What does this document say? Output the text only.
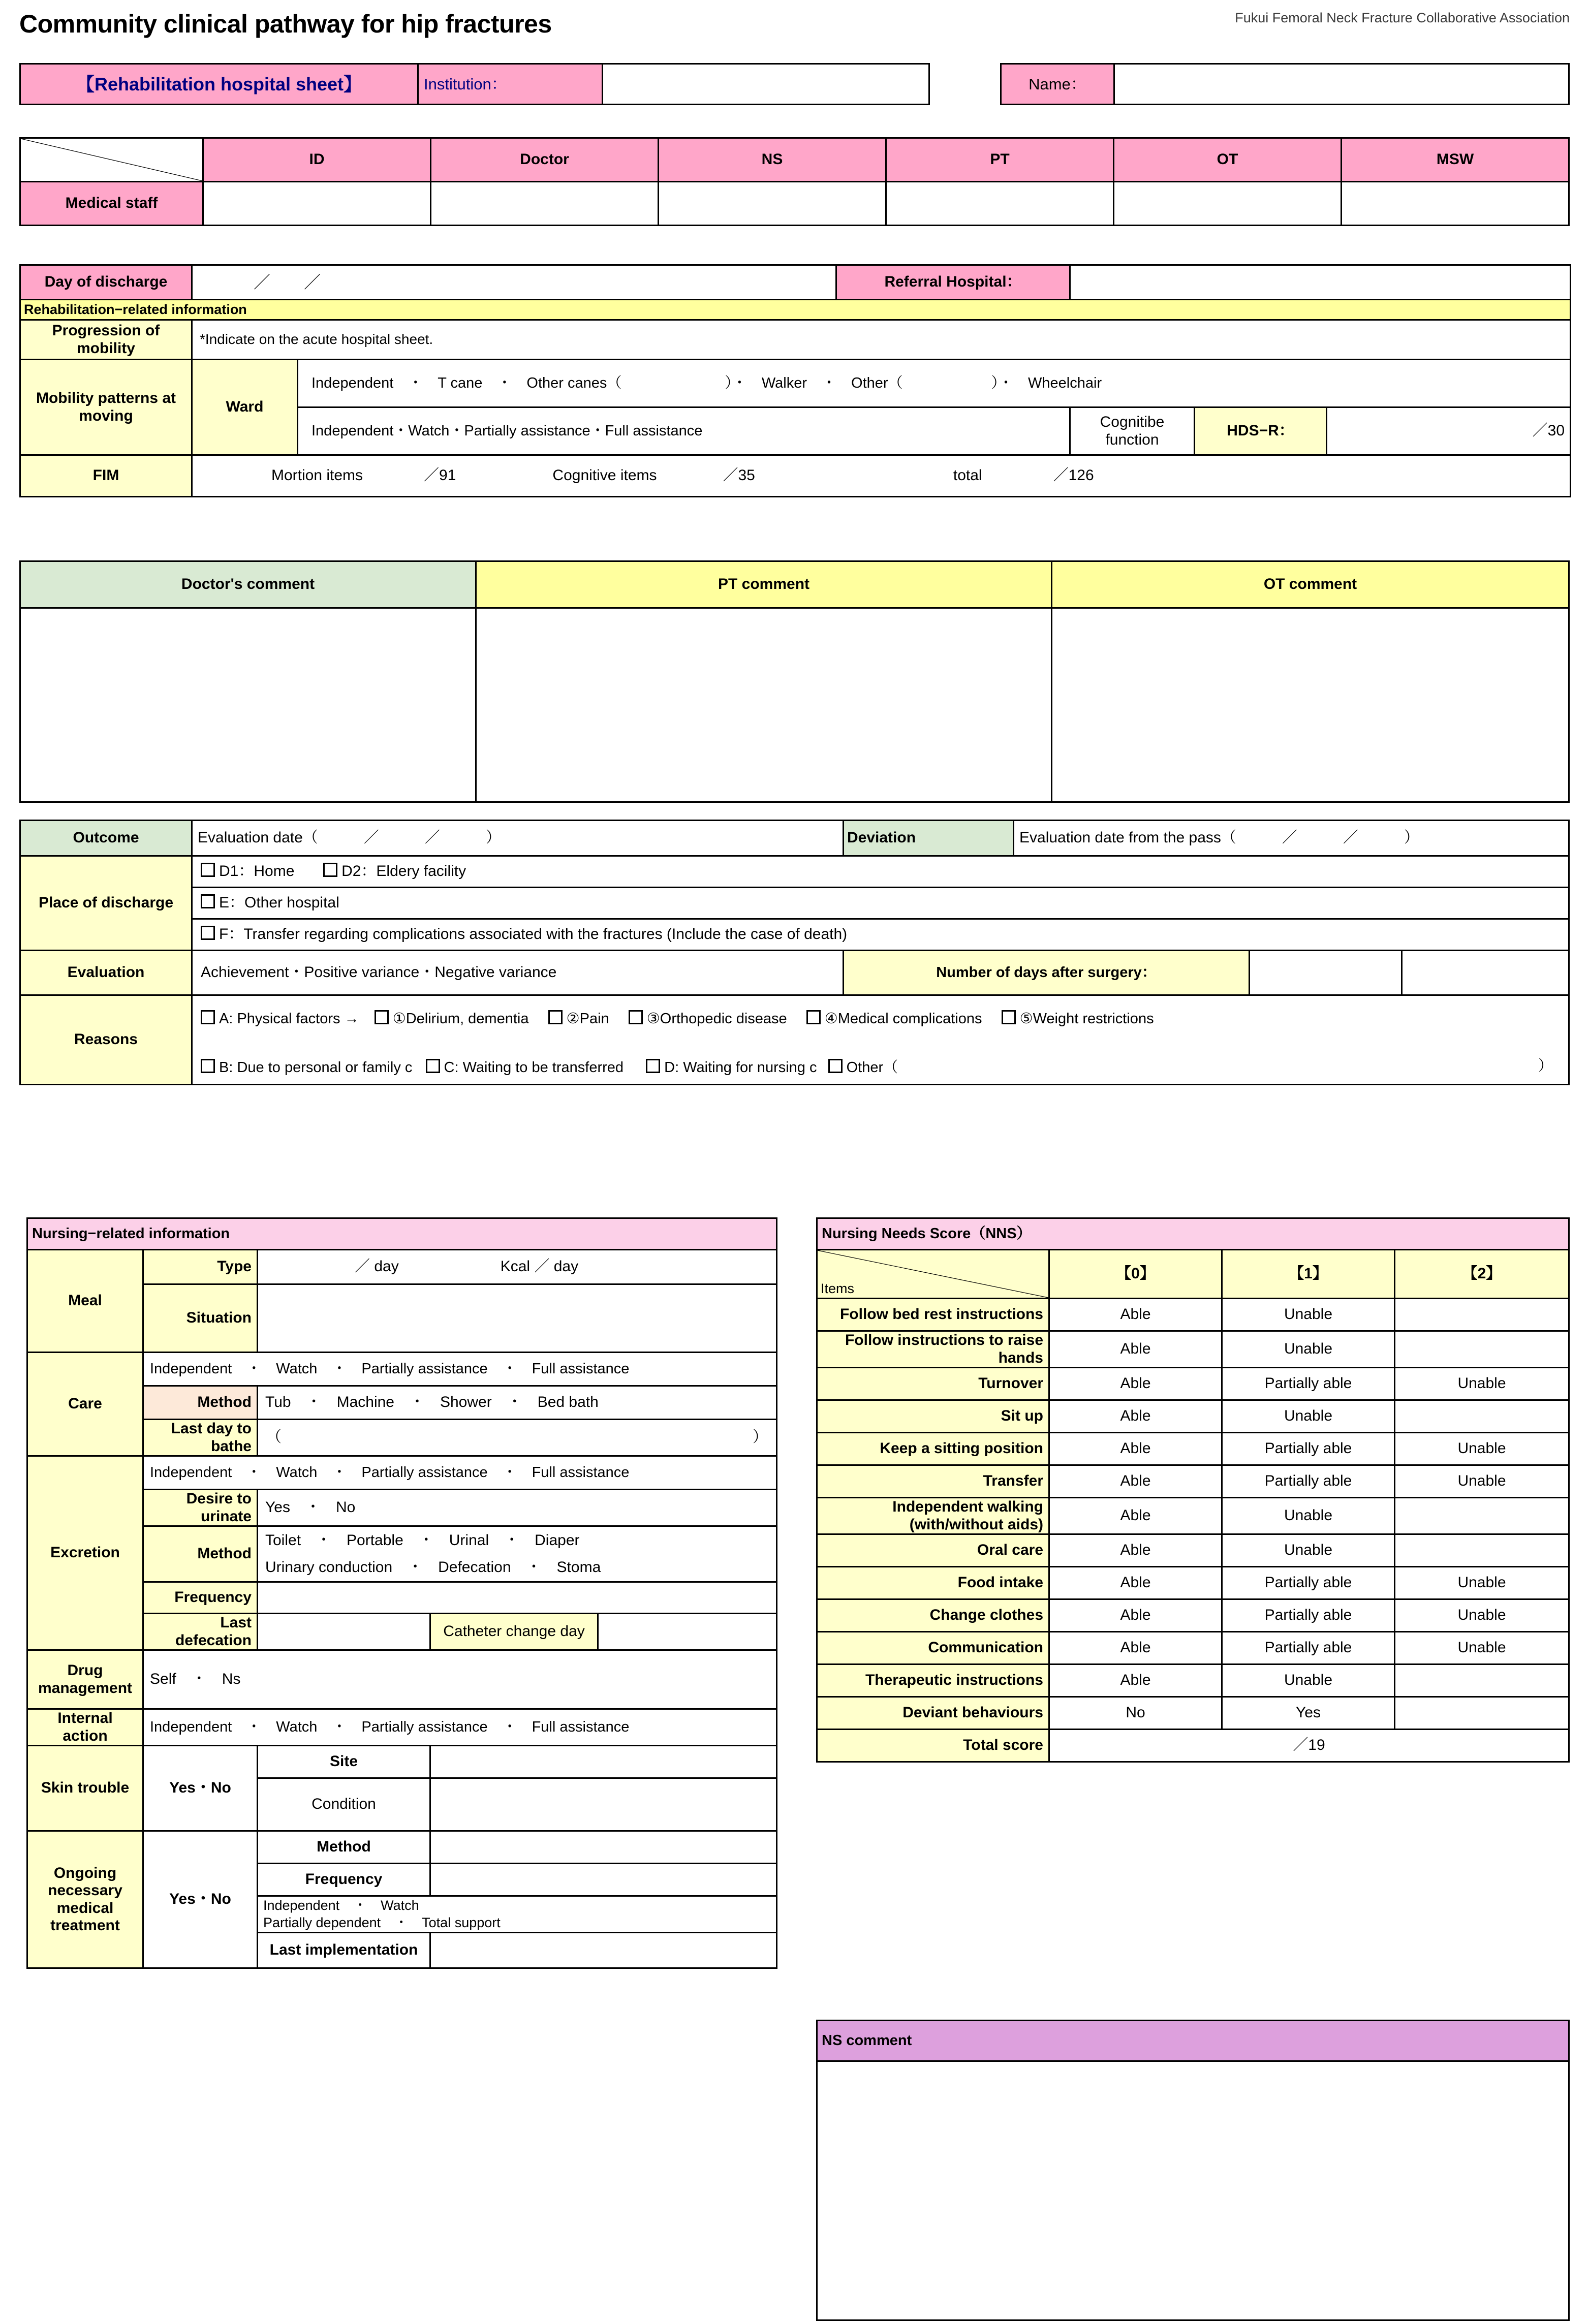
Community clinical pathway for hip fractures	Fukui Femoral Neck Fracture Collaborative Association
【Rehabilitation hospital sheet】	Institution：		Name：	
	ID	Doctor	NS	PT	OT	MSW
Medical staff						
Day of discharge	／　　／		Referral Hospital：			
Rehabilitation−related information						
Progression of mobility	*Indicate on the acute hospital sheet.					
Mobility patterns at moving	Ward	Independent　・　T cane　・　Other canes（　　　　　　　）・　Walker　・　Other（　　　　　　）・　Wheelchair				
		Independent・Watch・Partially assistance・Full assistance		Cognitibe function	HDS−R：	／30
FIM	Mortion items	／91	Cognitive items	／35	total	／126
Doctor's comment	PT comment	OT comment

Outcome	Evaluation date（　　　／　　　／　　　）	Deviation	Evaluation date from the pass（　　　／　　　／　　　）		
Place of discharge	D1：Home D2：Eldery facility				
	E：Other hospital				
	F：Transfer regarding complications associated with the fractures (Include the case of death)				
Evaluation	Achievement・Positive variance・Negative variance	Number of days after surgery：			
Reasons	A: Physical factors → ①Delirium, dementia ②Pain ③Orthopedic disease ④Medical complications ⑤Weight restrictions
B: Due to personal or family c C: Waiting to be transferred D: Waiting for nursing c Other（ ）				
Nursing−related information				
Meal	Type	／ day Kcal ／ day		

	Situation			
Care	Independent　・　Watch　・　Partially assistance　・　Full assistance			
	Method	Tub　・　Machine　・　Shower　・　Bed bath		
	Last day to bathe	（ ）		

Excretion	Independent　・　Watch　・　Partially assistance　・　Full assistance			
	Desire to urinate	Yes　・　No		
	Method	Toilet　・　Portable　・　Urinal　・　Diaper
Urinary conduction　・　Defecation　・　Stoma		

	Frequency			
	Last defecation		Catheter change day	
Drug management	Self　・　Ns			
Internal action	Independent　・　Watch　・　Partially assistance　・　Full assistance			
Skin trouble	Yes・No	Site		
		Condition		
Ongoing necessary medical treatment	Yes・No	Method		
		Frequency		

		Independent　・　Watch
Partially dependent　・　Total support		

		Last implementation		
Nursing Needs Score（NNS）			

Items	【0】	【1】	【2】
Follow bed rest instructions	Able	Unable	
Follow instructions to raise hands	Able	Unable	
Turnover	Able	Partially able	Unable
Sit up	Able	Unable	
Keep a sitting position	Able	Partially able	Unable
Transfer	Able	Partially able	Unable
Independent walking (with/without aids)	Able	Unable	
Oral care	Able	Unable	
Food intake	Able	Partially able	Unable
Change clothes	Able	Partially able	Unable
Communication	Able	Partially able	Unable
Therapeutic instructions	Able	Unable	
Deviant behaviours	No	Yes	
Total score	／19		
NS comment
